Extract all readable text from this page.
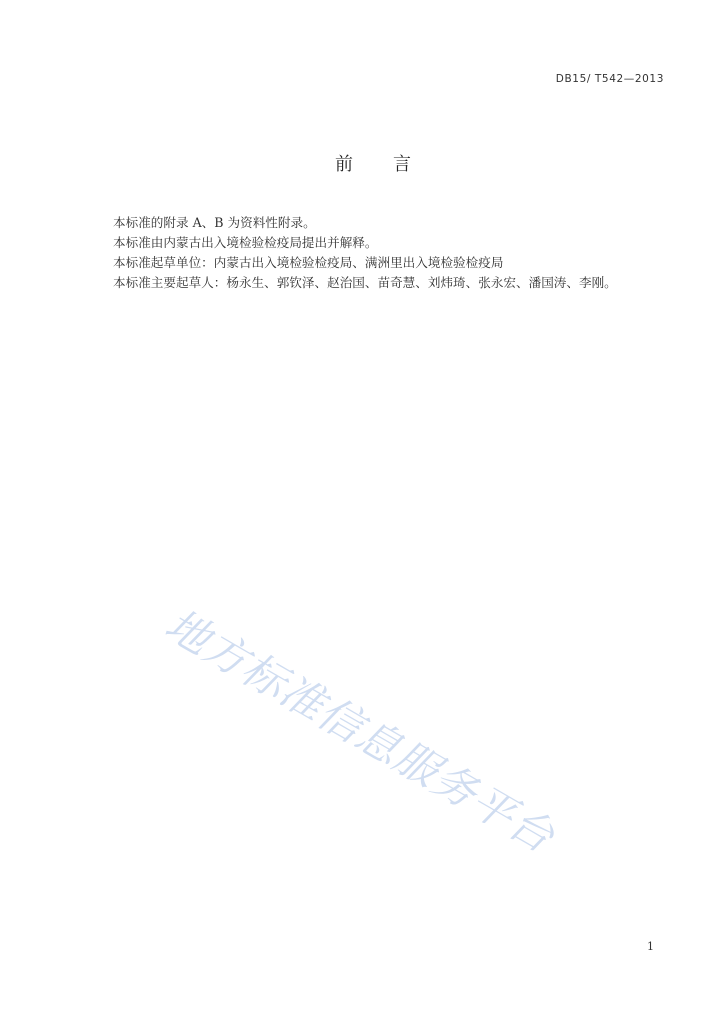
DB15/ T542—2013
前言

本标准的附录 A、B 为资料性附录。

本标准由内蒙古出入境检验检疫局提出并解释。

本标准起草单位：内蒙古出入境检验检疫局、满洲里出入境检验检疫局

本标准主要起草人：杨永生、郭钦泽、赵治国、苗奇慧、刘炜琦、张永宏、潘国涛、李刚。

地方标准信息服务平台
1
